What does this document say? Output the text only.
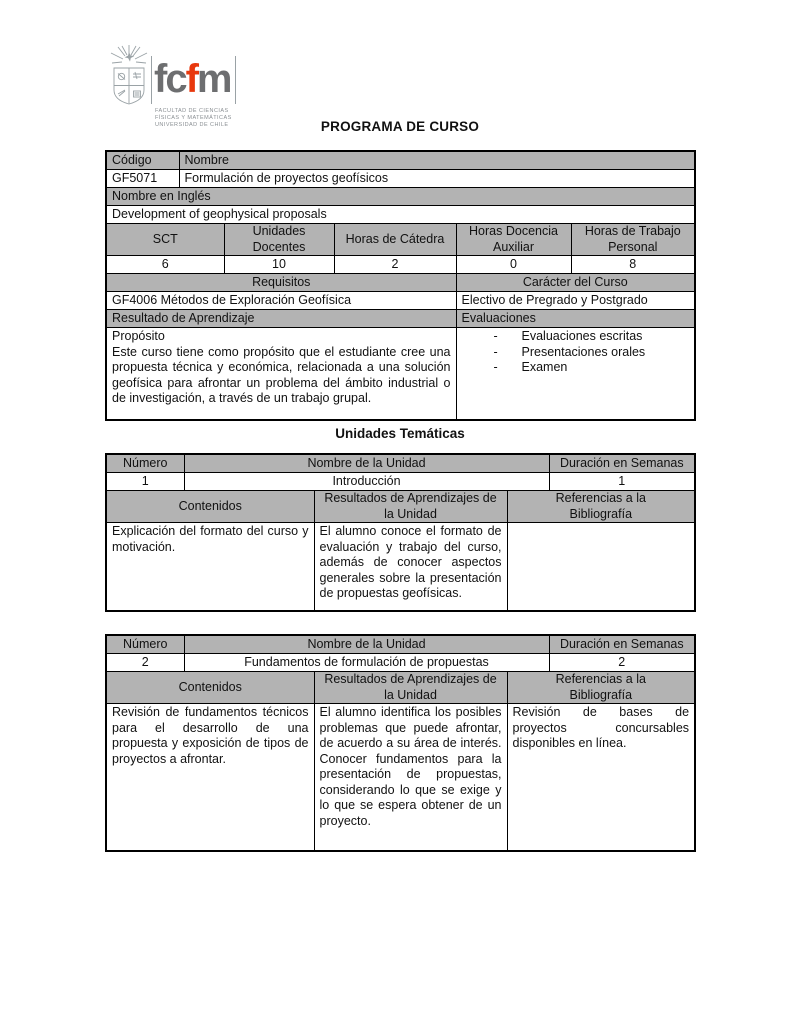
fcfm
FACULTAD DE CIENCIAS
FÍSICAS Y MATEMÁTICAS
UNIVERSIDAD DE CHILE	PROGRAMA DE CURSO
Código	Nombre				
GF5071	Formulación de proyectos geofísicos				
Nombre en Inglés					
Development of geophysical proposals					
SCT		Unidades Docentes	Horas de Cátedra	Horas Docencia Auxiliar	Horas de Trabajo Personal
6		10	2	0	8
Requisitos				Carácter del Curso	
GF4006 Métodos de Exploración Geofísica				Electivo de Pregrado y Postgrado	
Resultado de Aprendizaje				Evaluaciones	

Propósito
Este curso tiene como propósito que el estudiante cree una propuesta técnica y económica, relacionada a una solución geofísica para afrontar un problema del ámbito industrial o de investigación, a través de un trabajo grupal.

- Evaluaciones escritas
- Presentaciones orales
- Examen
Unidades Temáticas
Número	Nombre de la Unidad			Duración en Semanas
1	Introducción			1
Contenidos		Resultados de Aprendizajes de la Unidad	Referencias a la Bibliografía	
Explicación del formato del curso y motivación.		El alumno conoce el formato de evaluación y trabajo del curso, además de conocer aspectos generales sobre la presentación de propuestas geofísicas.		
Número	Nombre de la Unidad			Duración en Semanas
2	Fundamentos de formulación de propuestas			2
Contenidos		Resultados de Aprendizajes de la Unidad	Referencias a la Bibliografía	
Revisión de fundamentos técnicos para el desarrollo de una propuesta y exposición de tipos de proyectos a afrontar.		El alumno identifica los posibles problemas que puede afrontar, de acuerdo a su área de interés. Conocer fundamentos para la presentación de propuestas, considerando lo que se exige y lo que se espera obtener de un proyecto.	Revisión de bases de proyectos concursables disponibles en línea.	
